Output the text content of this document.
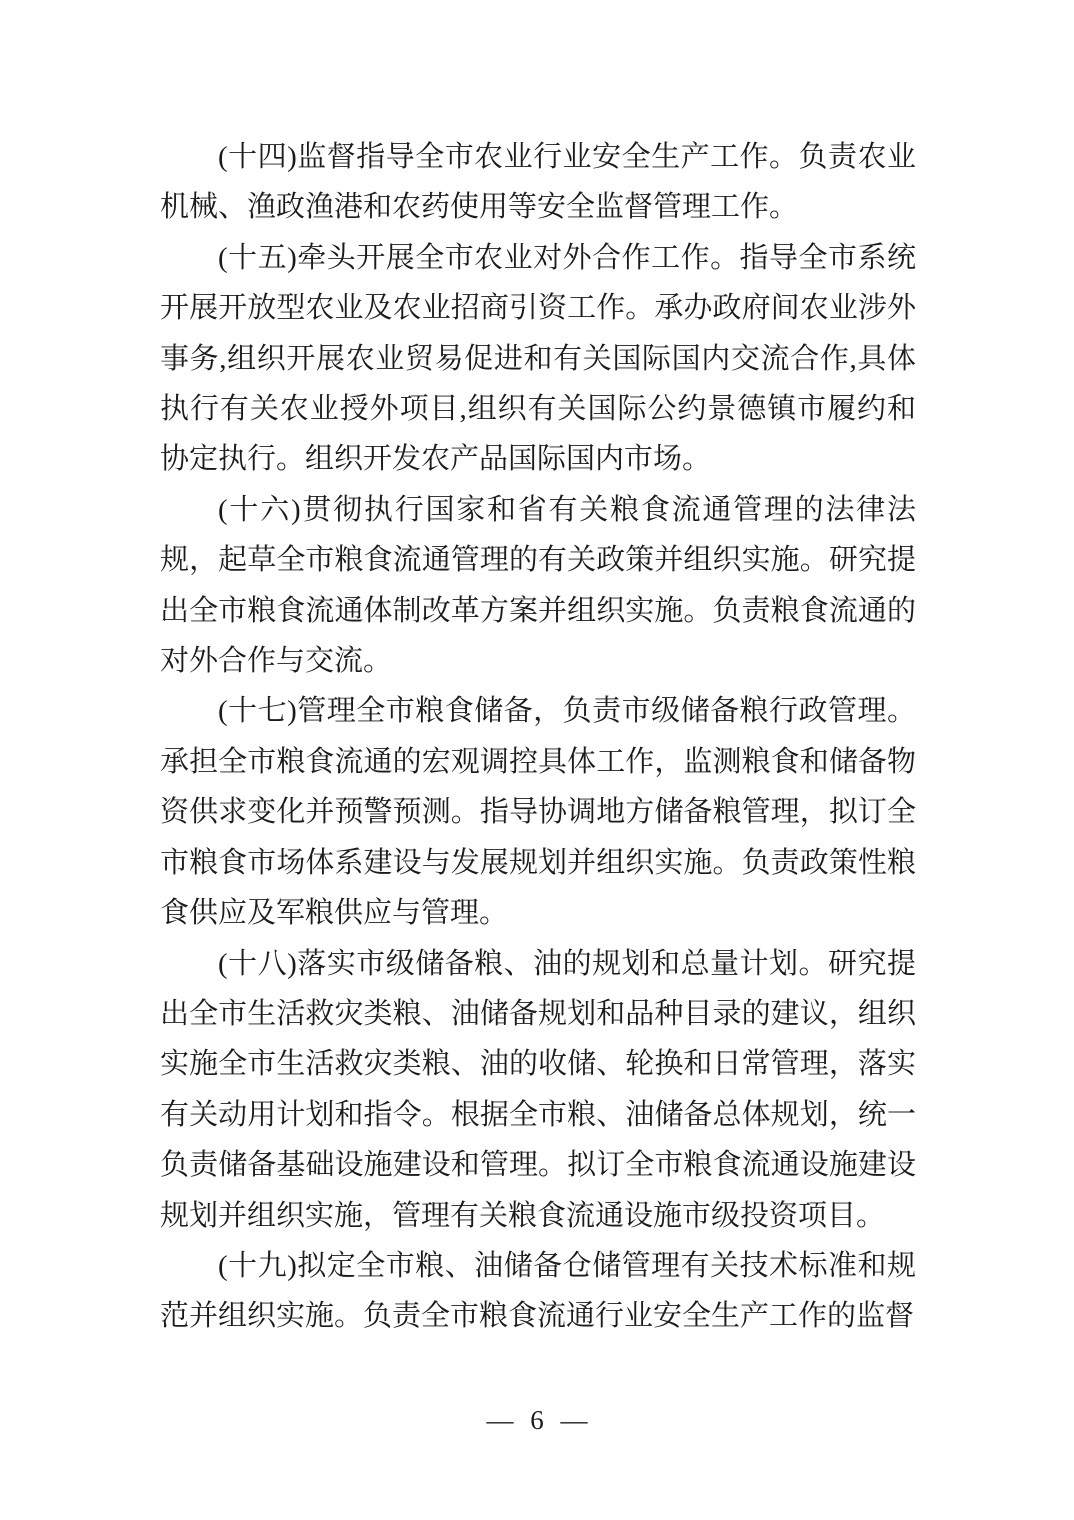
(十四)监督指导全市农业行业安全生产工作。负责农业机械、渔政渔港和农药使用等安全监督管理工作。

(十五)牵头开展全市农业对外合作工作。指导全市系统开展开放型农业及农业招商引资工作。承办政府间农业涉外事务,组织开展农业贸易促进和有关国际国内交流合作,具体执行有关农业授外项目,组织有关国际公约景德镇市履约和协定执行。组织开发农产品国际国内市场。

(十六)贯彻执行国家和省有关粮食流通管理的法律法规，起草全市粮食流通管理的有关政策并组织实施。研究提出全市粮食流通体制改革方案并组织实施。负责粮食流通的对外合作与交流。

(十七)管理全市粮食储备，负责市级储备粮行政管理。承担全市粮食流通的宏观调控具体工作，监测粮食和储备物资供求变化并预警预测。指导协调地方储备粮管理，拟订全市粮食市场体系建设与发展规划并组织实施。负责政策性粮食供应及军粮供应与管理。

(十八)落实市级储备粮、油的规划和总量计划。研究提出全市生活救灾类粮、油储备规划和品种目录的建议，组织实施全市生活救灾类粮、油的收储、轮换和日常管理，落实有关动用计划和指令。根据全市粮、油储备总体规划，统一负责储备基础设施建设和管理。拟订全市粮食流通设施建设规划并组织实施，管理有关粮食流通设施市级投资项目。

(十九)拟定全市粮、油储备仓储管理有关技术标准和规范并组织实施。负责全市粮食流通行业安全生产工作的监督

— 6 —
